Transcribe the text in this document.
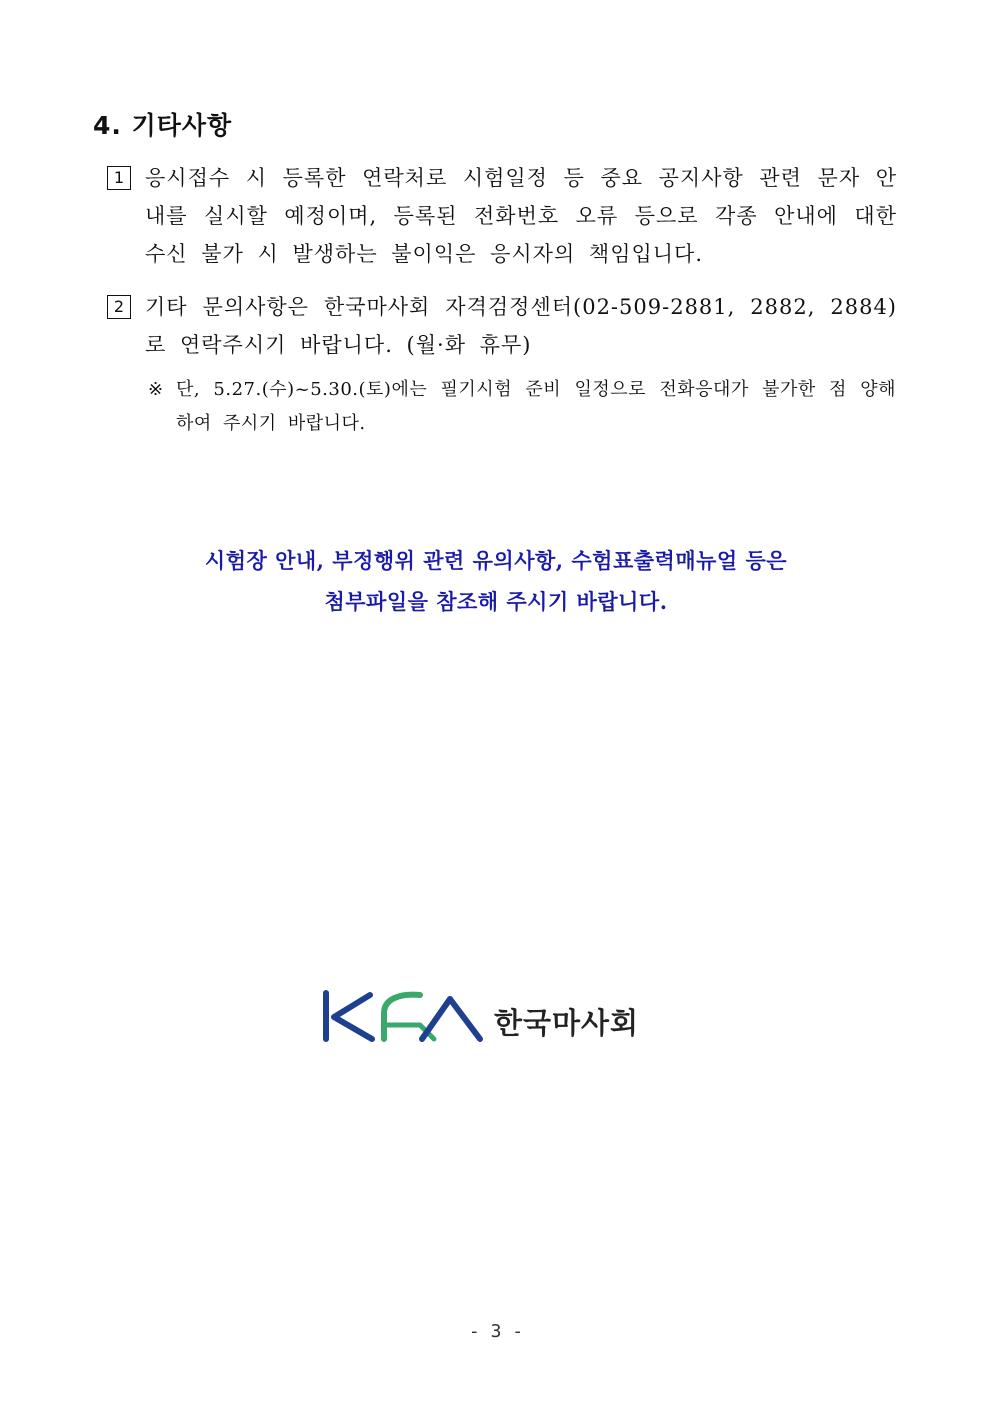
4. 기타사항
1 응시접수 시 등록한 연락처로 시험일정 등 중요 공지사항 관련 문자 안내를 실시할 예정이며, 등록된 전화번호 오류 등으로 각종 안내에 대한 수신 불가 시 발생하는 불이익은 응시자의 책임입니다.
2 기타 문의사항은 한국마사회 자격검정센터(02-509-2881, 2882, 2884)로 연락주시기 바랍니다. (월·화 휴무)
※ 단, 5.27.(수)~5.30.(토)에는 필기시험 준비 일정으로 전화응대가 불가한 점 양해하여 주시기 바랍니다.
시험장 안내, 부정행위 관련 유의사항, 수험표출력매뉴얼 등은
첨부파일을 참조해 주시기 바랍니다.
한국마사회
- 3 -
